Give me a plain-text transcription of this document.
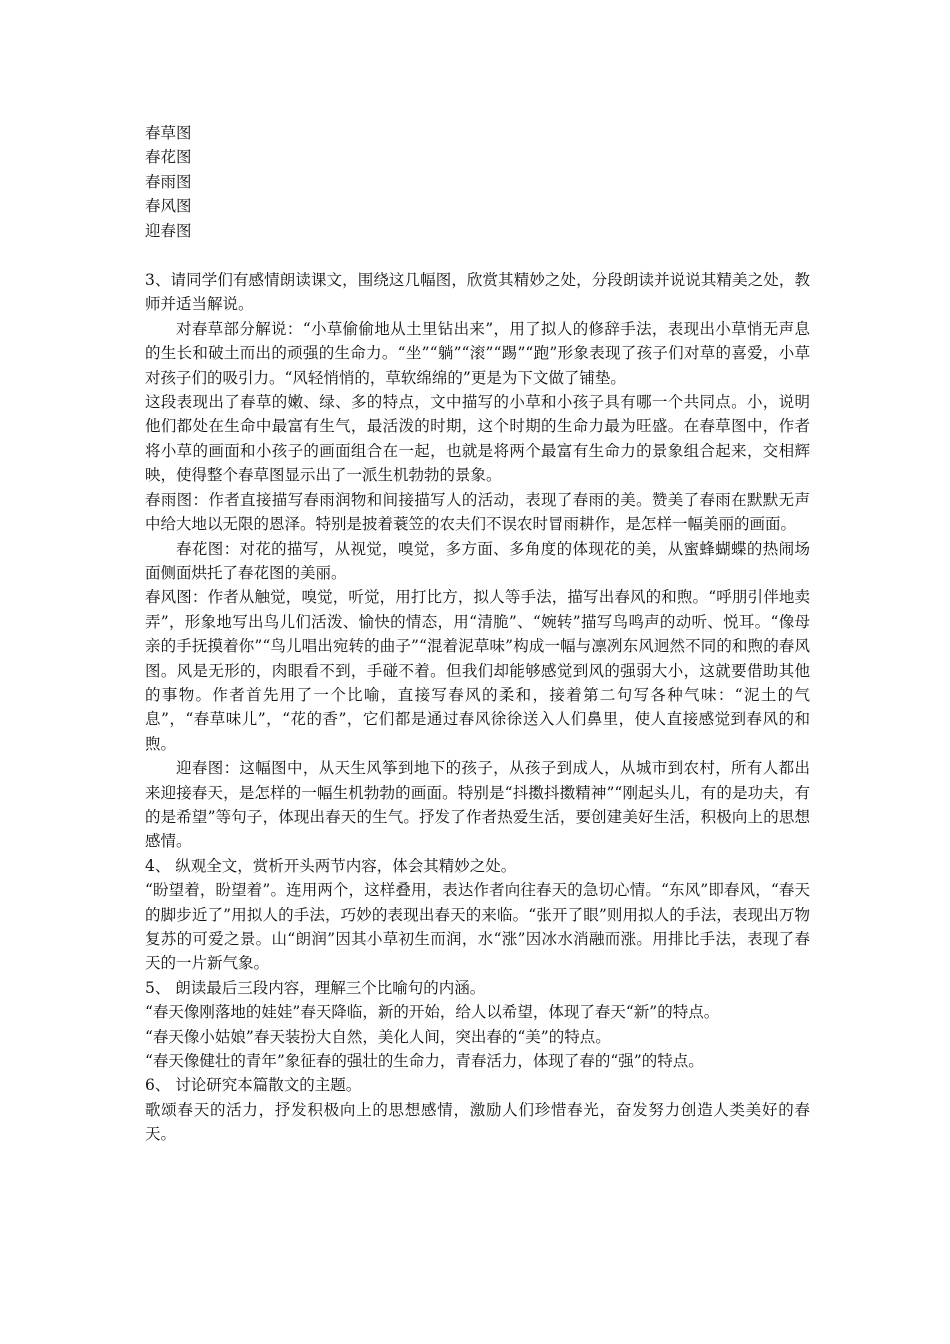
春草图

春花图

春雨图

春风图

迎春图

3、请同学们有感情朗读课文，围绕这几幅图，欣赏其精妙之处，分段朗读并说说其精美之处，教师并适当解说。

对春草部分解说：“小草偷偷地从土里钻出来”，用了拟人的修辞手法，表现出小草悄无声息的生长和破土而出的顽强的生命力。“坐”“躺”“滚”“踢”“跑”形象表现了孩子们对草的喜爱，小草对孩子们的吸引力。“风轻悄悄的，草软绵绵的”更是为下文做了铺垫。

这段表现出了春草的嫩、绿、多的特点，文中描写的小草和小孩子具有哪一个共同点。小，说明他们都处在生命中最富有生气，最活泼的时期，这个时期的生命力最为旺盛。在春草图中，作者将小草的画面和小孩子的画面组合在一起，也就是将两个最富有生命力的景象组合起来，交相辉映，使得整个春草图显示出了一派生机勃勃的景象。

春雨图：作者直接描写春雨润物和间接描写人的活动，表现了春雨的美。赞美了春雨在默默无声中给大地以无限的恩泽。特别是披着蓑笠的农夫们不误农时冒雨耕作，是怎样一幅美丽的画面。

春花图：对花的描写，从视觉，嗅觉，多方面、多角度的体现花的美，从蜜蜂蝴蝶的热闹场面侧面烘托了春花图的美丽。

春风图：作者从触觉，嗅觉，听觉，用打比方，拟人等手法，描写出春风的和煦。“呼朋引伴地卖弄”，形象地写出鸟儿们活泼、愉快的情态，用“清脆”、“婉转”描写鸟鸣声的动听、悦耳。“像母亲的手抚摸着你”“鸟儿唱出宛转的曲子”“混着泥草味”构成一幅与凛冽东风迥然不同的和煦的春风图。风是无形的，肉眼看不到，手碰不着。但我们却能够感觉到风的强弱大小，这就要借助其他的事物。作者首先用了一个比喻，直接写春风的柔和，接着第二句写各种气味：“泥土的气息”，“春草味儿”，“花的香”，它们都是通过春风徐徐送入人们鼻里，使人直接感觉到春风的和煦。

迎春图：这幅图中，从天生风筝到地下的孩子，从孩子到成人，从城市到农村，所有人都出来迎接春天，是怎样的一幅生机勃勃的画面。特别是“抖擞抖擞精神”“刚起头儿，有的是功夫，有的是希望”等句子，体现出春天的生气。抒发了作者热爱生活，要创建美好生活，积极向上的思想感情。

4、 纵观全文，赏析开头两节内容，体会其精妙之处。

“盼望着，盼望着”。连用两个，这样叠用，表达作者向往春天的急切心情。“东风”即春风，“春天的脚步近了”用拟人的手法，巧妙的表现出春天的来临。“张开了眼”则用拟人的手法，表现出万物复苏的可爱之景。山“朗润”因其小草初生而润，水“涨”因冰水消融而涨。用排比手法，表现了春天的一片新气象。

5、 朗读最后三段内容，理解三个比喻句的内涵。

“春天像刚落地的娃娃”春天降临，新的开始，给人以希望，体现了春天“新”的特点。

“春天像小姑娘”春天装扮大自然，美化人间，突出春的“美”的特点。

“春天像健壮的青年”象征春的强壮的生命力，青春活力，体现了春的“强”的特点。

6、 讨论研究本篇散文的主题。

歌颂春天的活力，抒发积极向上的思想感情，激励人们珍惜春光，奋发努力创造人类美好的春天。
